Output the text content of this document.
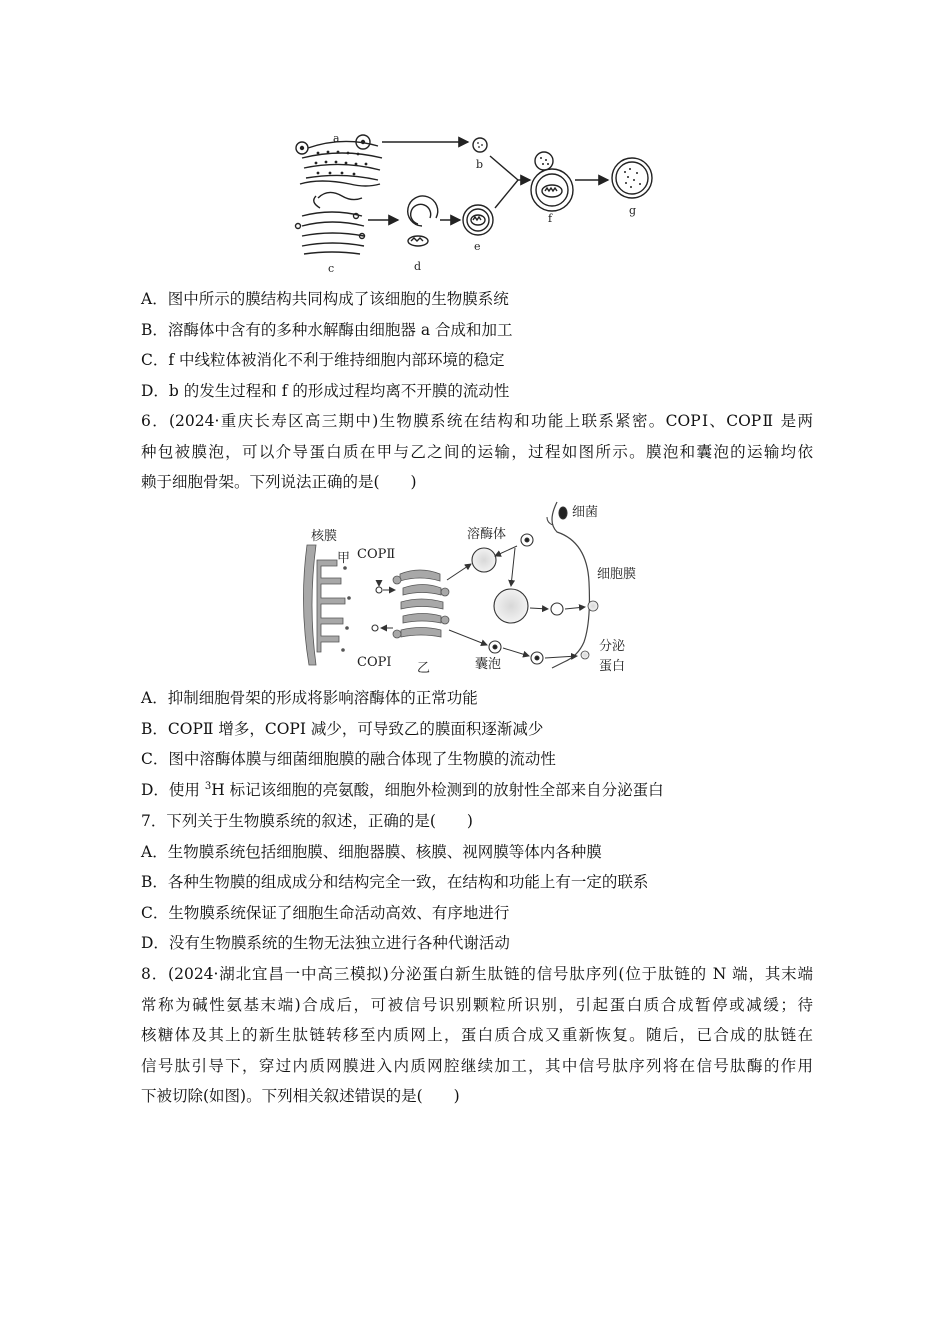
a
b
c	d
e
f
g
A．图中所示的膜结构共同构成了该细胞的生物膜系统
B．溶酶体中含有的多种水解酶由细胞器 a 合成和加工
C．f 中线粒体被消化不利于维持细胞内部环境的稳定
D．b 的发生过程和 f 的形成过程均离不开膜的流动性
6．(2024·重庆长寿区高三期中)生物膜系统在结构和功能上联系紧密。COPⅠ、COPⅡ 是两
种包被膜泡，可以介导蛋白质在甲与乙之间的运输，过程如图所示。膜泡和囊泡的运输均依
赖于细胞骨架。下列说法正确的是(　　)
核膜
甲 COPⅡ
COPⅠ 乙
溶酶体
细菌
细胞膜
囊泡
分泌
蛋白
A．抑制细胞骨架的形成将影响溶酶体的正常功能
B．COPⅡ 增多，COPⅠ 减少，可导致乙的膜面积逐渐减少
C．图中溶酶体膜与细菌细胞膜的融合体现了生物膜的流动性
D．使用 $^3$H 标记该细胞的亮氨酸，细胞外检测到的放射性全部来自分泌蛋白
7．下列关于生物膜系统的叙述，正确的是(　　)
A．生物膜系统包括细胞膜、细胞器膜、核膜、视网膜等体内各种膜
B．各种生物膜的组成成分和结构完全一致，在结构和功能上有一定的联系
C．生物膜系统保证了细胞生命活动高效、有序地进行
D．没有生物膜系统的生物无法独立进行各种代谢活动
8．(2024·湖北宜昌一中高三模拟)分泌蛋白新生肽链的信号肽序列(位于肽链的 N 端，其末端
常称为碱性氨基末端)合成后，可被信号识别颗粒所识别，引起蛋白质合成暂停或减缓；待
核糖体及其上的新生肽链转移至内质网上，蛋白质合成又重新恢复。随后，已合成的肽链在
信号肽引导下，穿过内质网膜进入内质网腔继续加工，其中信号肽序列将在信号肽酶的作用
下被切除(如图)。下列相关叙述错误的是(　　)
